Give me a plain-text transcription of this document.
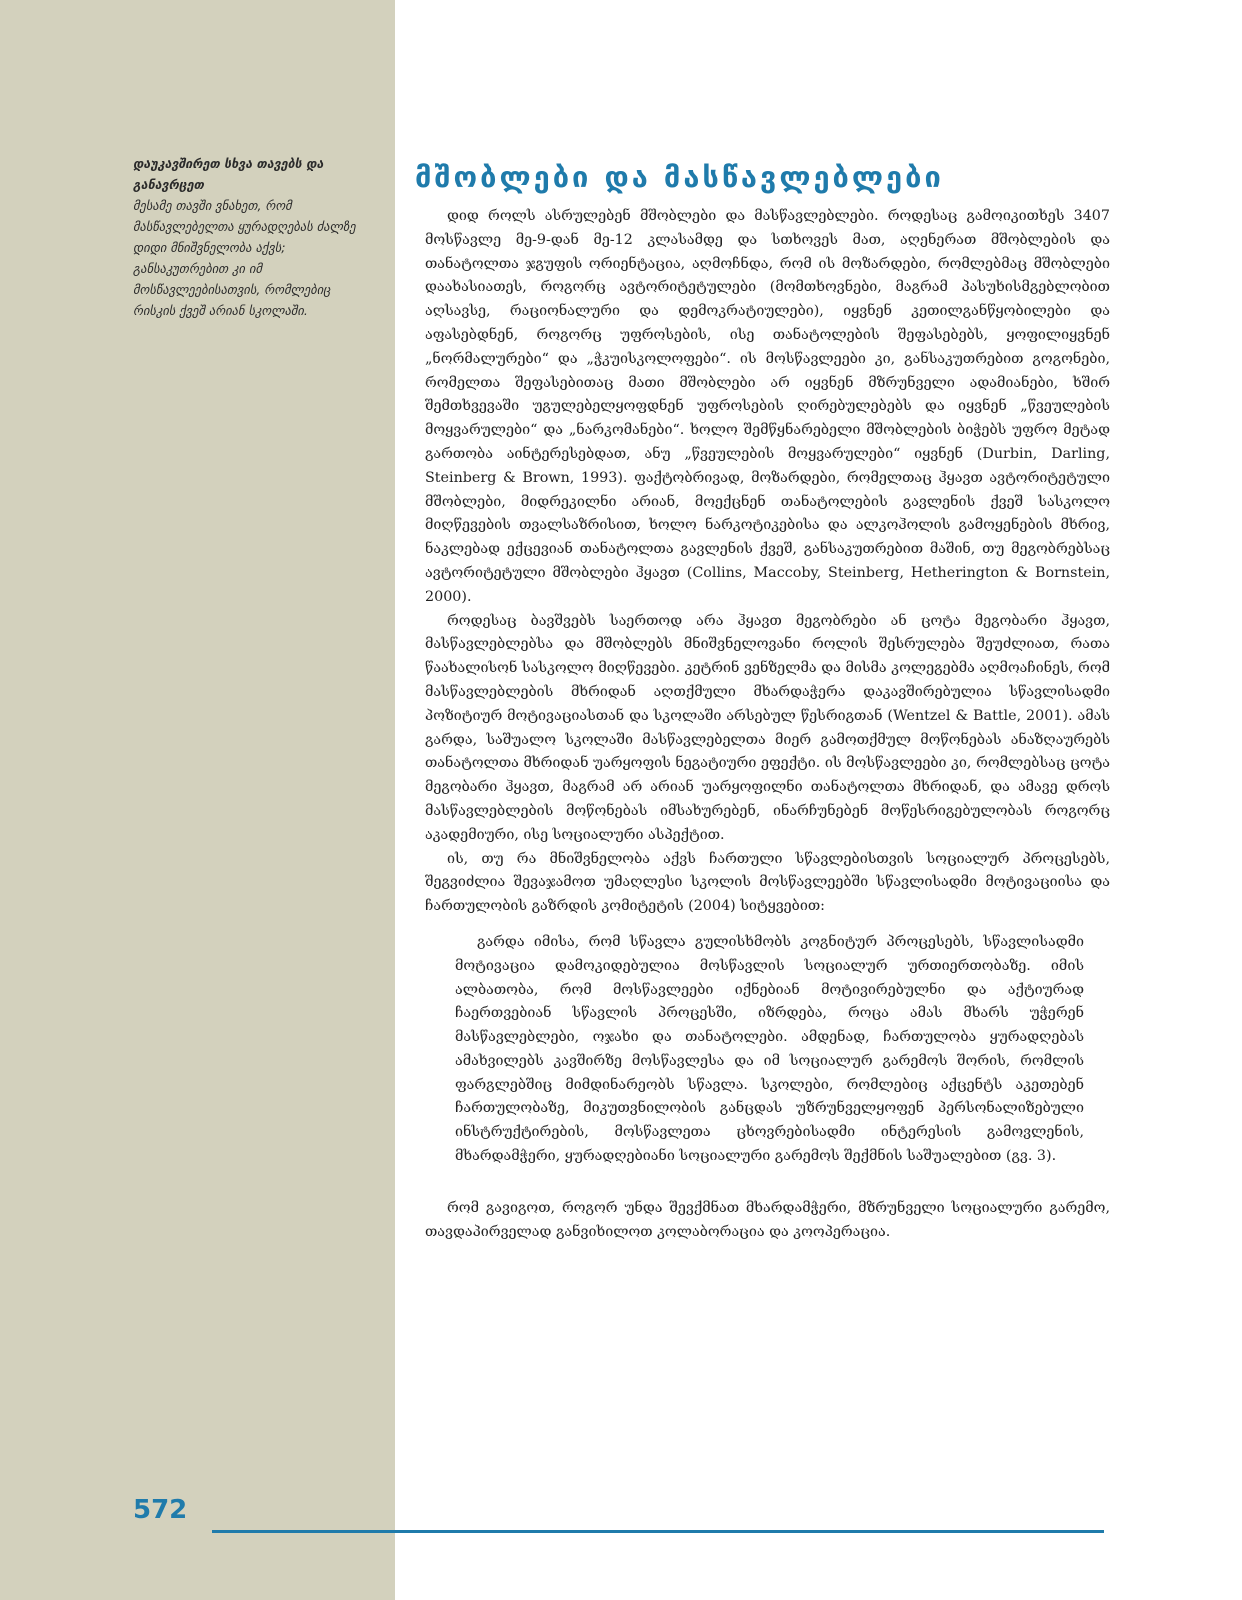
დაუკავშირეთ სხვა თავებს და განავრცეთ
მესამე თავში ვნახეთ, რომ მასწავლებელთა ყურადღებას ძალზე დიდი მნიშვნელობა აქვს; განსაკუთრებით კი იმ მოსწავლეებისათვის, რომლებიც რისკის ქვეშ არიან სკოლაში.
მშობლები და მასწავლებლები

დიდ როლს ასრულებენ მშობლები და მასწავლებლები. როდესაც გამოიკითხეს 3407 მოსწავლე მე-9-დან მე-12 კლასამდე და სთხოვეს მათ, აღენერათ მშობლების და თანატოლთა ჯგუფის ორიენტაცია, აღმოჩნდა, რომ ის მოზარდები, რომლებმაც მშობლები დაახასიათეს, როგორც ავტორიტეტულები (მომთხოვნები, მაგრამ პასუხისმგებლობით აღსავსე, რაციონალური და დემოკრატიულები), იყვნენ კეთილგანწყობილები და აფასებდნენ, როგორც უფროსების, ისე თანატოლების შეფასებებს, ყოფილიყვნენ „ნორმალურები“ და „ჭკუისკოლოფები“. ის მოსწავლეები კი, განსაკუთრებით გოგონები, რომელთა შეფასებითაც მათი მშობლები არ იყვნენ მზრუნველი ადამიანები, ხშირ შემთხვევაში უგულებელყოფდნენ უფროსების ღირებულებებს და იყვნენ „წვეულების მოყვარულები“ და „ნარკომანები“. ხოლო შემწყნარებელი მშობლების ბიჭებს უფრო მეტად გართობა აინტერესებდათ, ანუ „წვეულების მოყვარულები“ იყვნენ (Durbin, Darling, Steinberg & Brown, 1993). ფაქტობრივად, მოზარდები, რომელთაც ჰყავთ ავტორიტეტული მშობლები, მიდრეკილნი არიან, მოექცნენ თანატოლების გავლენის ქვეშ სასკოლო მიღწევების თვალსაზრისით, ხოლო ნარკოტიკებისა და ალკოჰოლის გამოყენების მხრივ, ნაკლებად ექცევიან თანატოლთა გავლენის ქვეშ, განსაკუთრებით მაშინ, თუ მეგობრებსაც ავტორიტეტული მშობლები ჰყავთ (Collins, Maccoby, Steinberg, Hetherington & Bornstein, 2000).

როდესაც ბავშვებს საერთოდ არა ჰყავთ მეგობრები ან ცოტა მეგობარი ჰყავთ, მასწავლებლებსა და მშობლებს მნიშვნელოვანი როლის შესრულება შეუძლიათ, რათა წაახალისონ სასკოლო მიღწევები. კეტრინ ვენზელმა და მისმა კოლეგებმა აღმოაჩინეს, რომ მასწავლებლების მხრიდან აღთქმული მხარდაჭერა დაკავშირებულია სწავლისადმი პოზიტიურ მოტივაციასთან და სკოლაში არსებულ წესრიგთან (Wentzel & Battle, 2001). ამას გარდა, საშუალო სკოლაში მასწავლებელთა მიერ გამოთქმულ მოწონებას ანაზღაურებს თანატოლთა მხრიდან უარყოფის ნეგატიური ეფექტი. ის მოსწავლეები კი, რომლებსაც ცოტა მეგობარი ჰყავთ, მაგრამ არ არიან უარყოფილნი თანატოლთა მხრიდან, და ამავე დროს მასწავლებლების მოწონებას იმსახურებენ, ინარჩუნებენ მოწესრიგებულობას როგორც აკადემიური, ისე სოციალური ასპექტით.

ის, თუ რა მნიშვნელობა აქვს ჩართული სწავლებისთვის სოციალურ პროცესებს, შეგვიძლია შევაჯამოთ უმაღლესი სკოლის მოსწავლეებში სწავლისადმი მოტივაციისა და ჩართულობის გაზრდის კომიტეტის (2004) სიტყვებით:

გარდა იმისა, რომ სწავლა გულისხმობს კოგნიტურ პროცესებს, სწავლისადმი მოტივაცია დამოკიდებულია მოსწავლის სოციალურ ურთიერთობაზე. იმის ალბათობა, რომ მოსწავლეები იქნებიან მოტივირებულნი და აქტიურად ჩაერთვებიან სწავლის პროცესში, იზრდება, როცა ამას მხარს უჭერენ მასწავლებლები, ოჯახი და თანატოლები. ამდენად, ჩართულობა ყურადღებას ამახვილებს კავშირზე მოსწავლესა და იმ სოციალურ გარემოს შორის, რომლის ფარგლებშიც მიმდინარეობს სწავლა. სკოლები, რომლებიც აქცენტს აკეთებენ ჩართულობაზე, მიკუთვნილობის განცდას უზრუნველყოფენ პერსონალიზებული ინსტრუქტირების, მოსწავლეთა ცხოვრებისადმი ინტერესის გამოვლენის, მხარდამჭერი, ყურადღებიანი სოციალური გარემოს შექმნის საშუალებით (გვ. 3).

რომ გავიგოთ, როგორ უნდა შევქმნათ მხარდამჭერი, მზრუნველი სოციალური გარემო, თავდაპირველად განვიხილოთ კოლაბორაცია და კოოპერაცია.

572
